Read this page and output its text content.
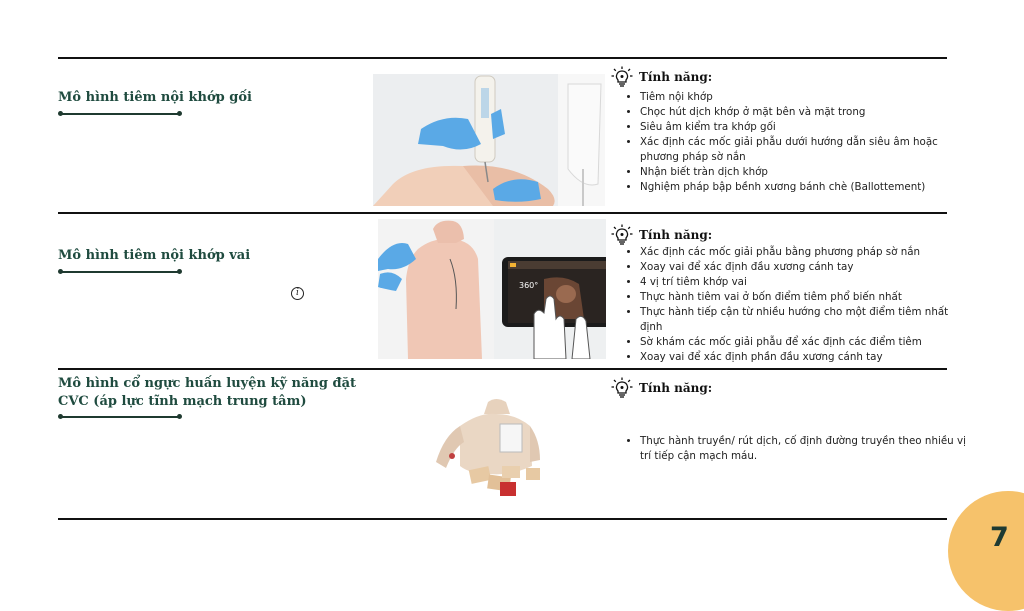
Mô hình tiêm nội khớp gối
Tính năng:
• Tiêm nội khớp
• Chọc hút dịch khớp ở mặt bên và mặt trong
• Siêu âm kiểm tra khớp gối
• Xác định các mốc giải phẫu dưới hướng dẫn siêu âm hoặc phương pháp sờ nắn
• Nhận biết tràn dịch khớp
• Nghiệm pháp bập bềnh xương bánh chè (Ballottement)
Mô hình tiêm nội khớp vai
i
360°
Tính năng:
• Xác định các mốc giải phẫu bằng phương pháp sờ nắn
• Xoay vai để xác định đầu xương cánh tay
• 4 vị trí tiêm khớp vai
• Thực hành tiêm vai ở bốn điểm tiêm phổ biến nhất
• Thực hành tiếp cận từ nhiều hướng cho một điểm tiêm nhất định
• Sờ khám các mốc giải phẫu để xác định các điểm tiêm
• Xoay vai để xác định phần đầu xương cánh tay
Mô hình cổ ngực huấn luyện kỹ năng đặt CVC (áp lực tĩnh mạch trung tâm)
Tính năng:
• Thực hành truyền/ rút dịch, cố định đường truyền theo nhiều vị trí tiếp cận mạch máu.
7
